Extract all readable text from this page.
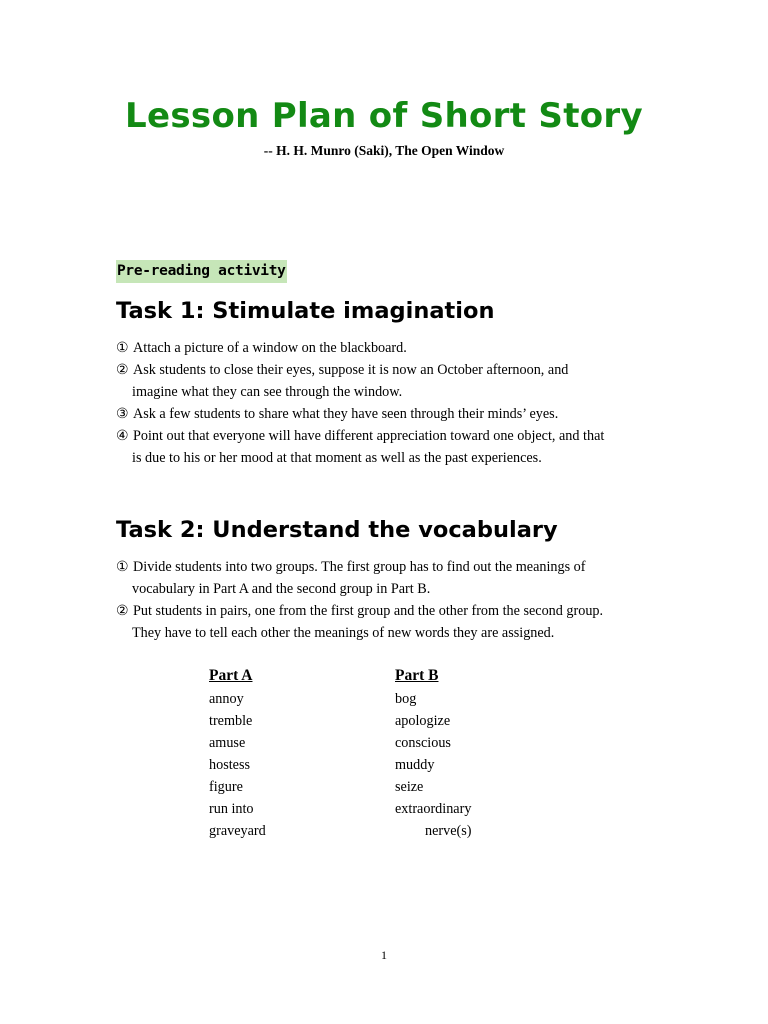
Lesson Plan of Short Story
-- H. H. Munro (Saki), The Open Window
Pre-reading activity
Task 1: Stimulate imagination
① Attach a picture of a window on the blackboard.
② Ask students to close their eyes, suppose it is now an October afternoon, and
imagine what they can see through the window.
③ Ask a few students to share what they have seen through their minds’ eyes.
④ Point out that everyone will have different appreciation toward one object, and that
is due to his or her mood at that moment as well as the past experiences.
Task 2: Understand the vocabulary
① Divide students into two groups. The first group has to find out the meanings of
vocabulary in Part A and the second group in Part B.
② Put students in pairs, one from the first group and the other from the second group.
They have to tell each other the meanings of new words they are assigned.
Part A
annoy
tremble
amuse
hostess
figure
run into
graveyard
Part B
bog
apologize
conscious
muddy
seize
extraordinary
nerve(s)
1
